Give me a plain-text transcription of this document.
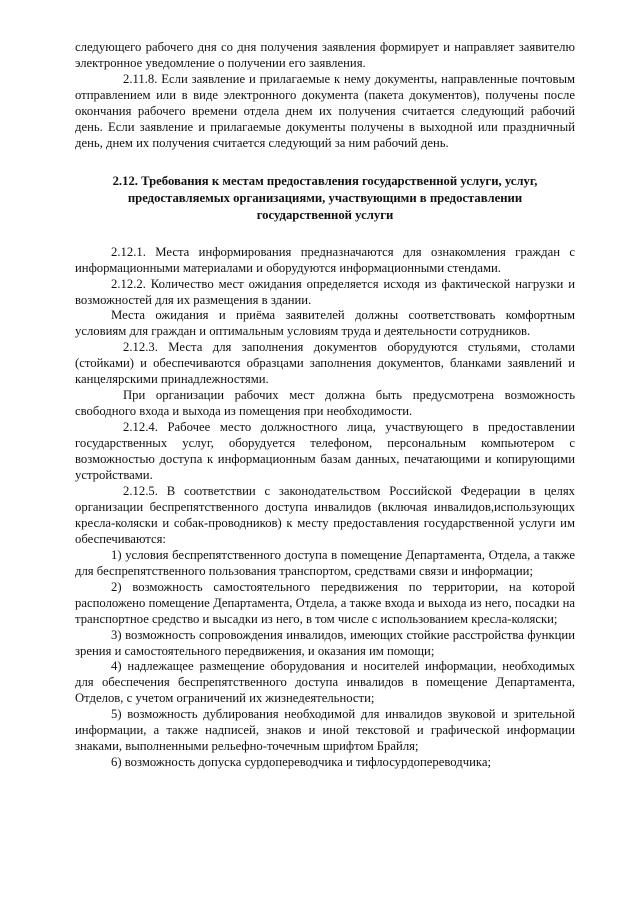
следующего рабочего дня со дня получения заявления формирует и направляет заявителю электронное уведомление о получении его заявления.

2.11.8. Если заявление и прилагаемые к нему документы, направленные почтовым отправлением или в виде электронного документа (пакета документов), получены после окончания рабочего времени отдела днем их получения считается следующий рабочий день. Если заявление и прилагаемые документы получены в выходной или праздничный день, днем их получения считается следующий за ним рабочий день.

2.12. Требования к местам предоставления государственной услуги, услуг, предоставляемых организациями, участвующими в предоставлении государственной услуги

2.12.1. Места информирования предназначаются для ознакомления граждан с информационными материалами и оборудуются информационными стендами.

2.12.2. Количество мест ожидания определяется исходя из фактической нагрузки и возможностей для их размещения в здании.

Места ожидания и приёма заявителей должны соответствовать комфортным условиям для граждан и оптимальным условиям труда и деятельности сотрудников.

2.12.3. Места для заполнения документов оборудуются стульями, столами (стойками) и обеспечиваются образцами заполнения документов, бланками заявлений и канцелярскими принадлежностями.

При организации рабочих мест должна быть предусмотрена возможность свободного входа и выхода из помещения при необходимости.

2.12.4. Рабочее место должностного лица, участвующего в предоставлении государственных услуг, оборудуется телефоном, персональным компьютером с возможностью доступа к информационным базам данных, печатающими и копирующими устройствами.

2.12.5. В соответствии с законодательством Российской Федерации в целях организации беспрепятственного доступа инвалидов (включая инвалидов,использующих кресла-коляски и собак-проводников) к месту предоставления государственной услуги им обеспечиваются:

1) условия беспрепятственного доступа в помещение Департамента, Отдела, а также для беспрепятственного пользования транспортом, средствами связи и информации;

2) возможность самостоятельного передвижения по территории, на которой расположено помещение Департамента, Отдела, а также входа и выхода из него, посадки на транспортное средство и высадки из него, в том числе с использованием кресла-коляски;

3) возможность сопровождения инвалидов, имеющих стойкие расстройства функции зрения и самостоятельного передвижения, и оказания им помощи;

4) надлежащее размещение оборудования и носителей информации, необходимых для обеспечения беспрепятственного доступа инвалидов в помещение Департамента, Отделов, с учетом ограничений их жизнедеятельности;

5) возможность дублирования необходимой для инвалидов звуковой и зрительной информации, а также надписей, знаков и иной текстовой и графической информации знаками, выполненными рельефно-точечным шрифтом Брайля;

6) возможность допуска сурдопереводчика и тифлосурдопереводчика;
